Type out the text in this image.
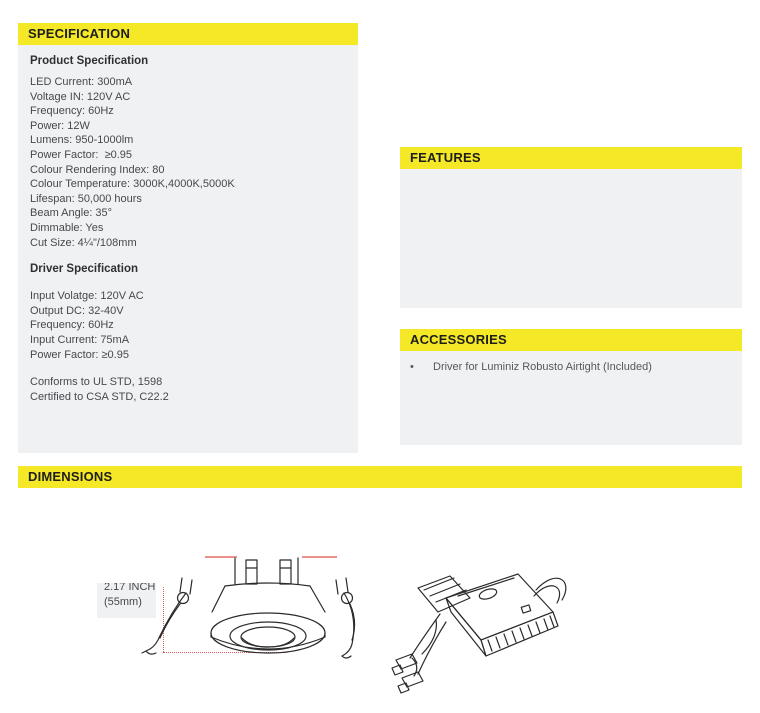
SPECIFICATION
Product Specification
LED Current: 300mA
Voltage IN: 120V AC
Frequency: 60Hz
Power: 12W
Lumens: 950-1000lm
Power Factor:  ≥0.95
Colour Rendering Index: 80
Colour Temperature: 3000K,4000K,5000K
Lifespan: 50,000 hours
Beam Angle: 35°
Dimmable: Yes
Cut Size: 4¼"/108mm
Driver Specification
Input Volatge: 120V AC
Output DC: 32-40V
Frequency: 60Hz
Input Current: 75mA
Power Factor: ≥0.95
Conforms to UL STD, 1598
Certified to CSA STD, C22.2
FEATURES
ACCESSORIES
• Driver for Luminiz Robusto Airtight (Included)
DIMENSIONS
2.17 INCH
(55mm)
